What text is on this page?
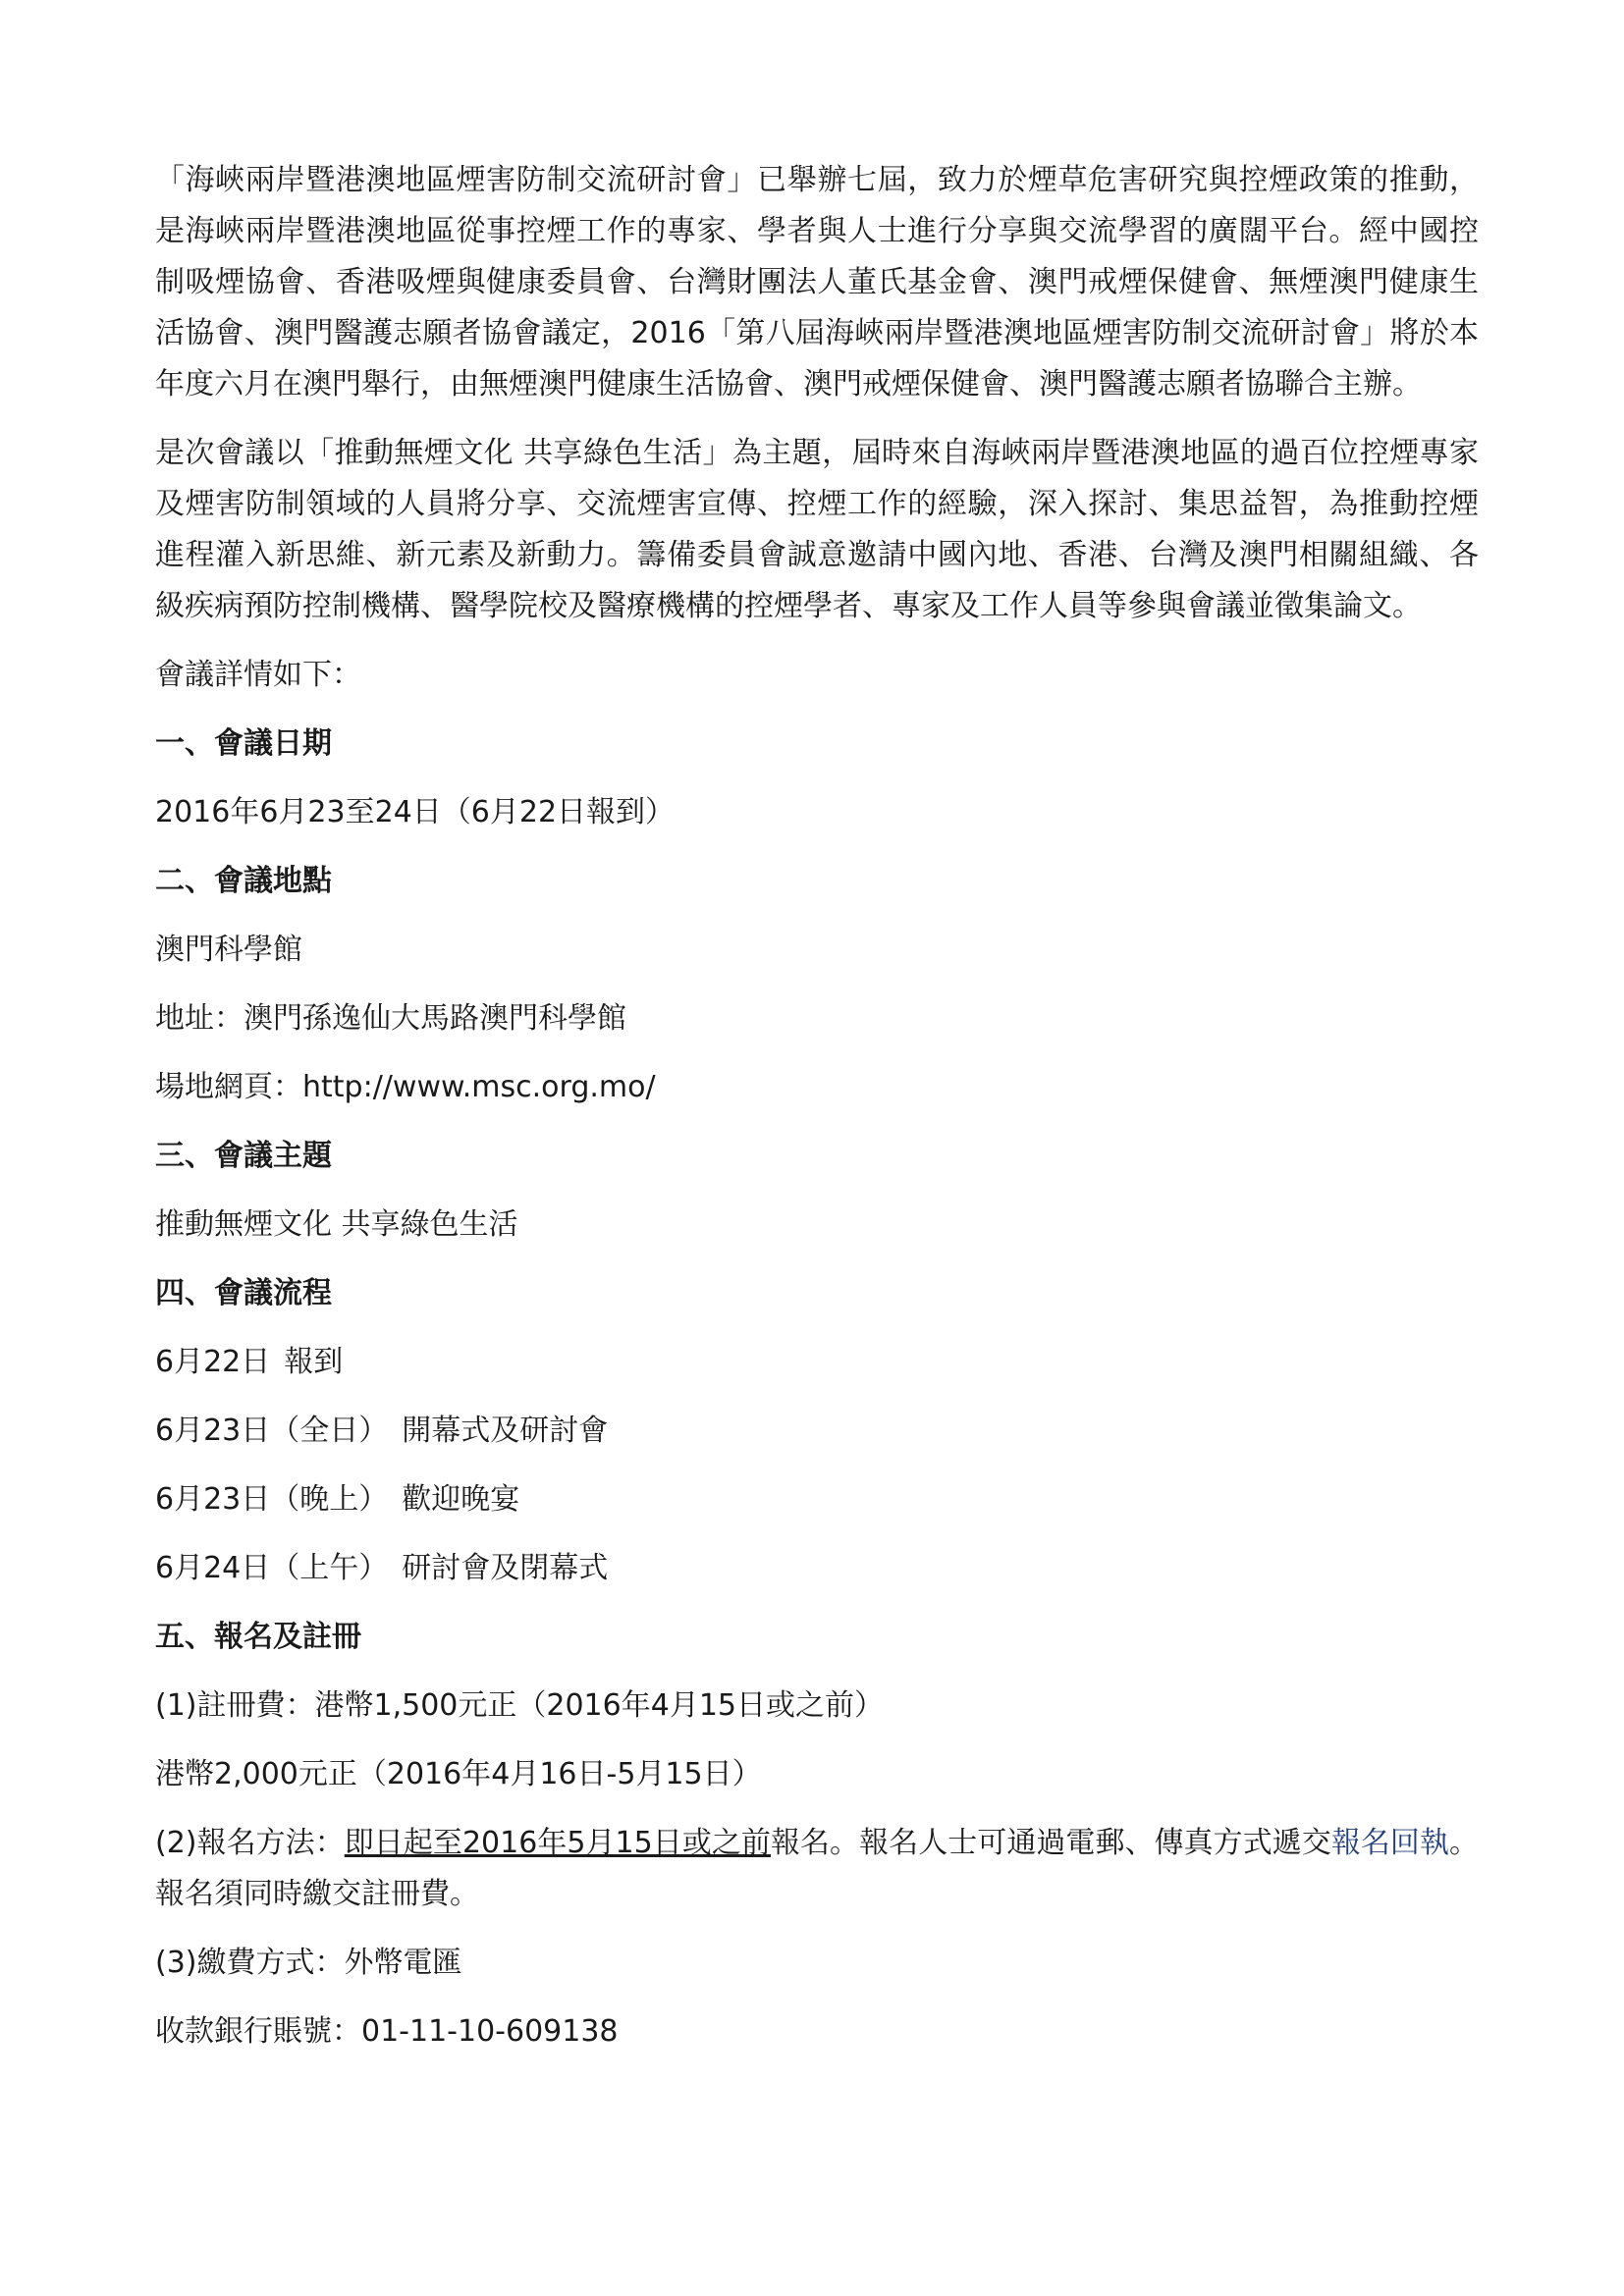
「海峽兩岸暨港澳地區煙害防制交流研討會」已舉辦七屆，致力於煙草危害研究與控煙政策的推動，是海峽兩岸暨港澳地區從事控煙工作的專家、學者與人士進行分享與交流學習的廣闊平台。經中國控制吸煙協會、香港吸煙與健康委員會、台灣財團法人董氏基金會、澳門戒煙保健會、無煙澳門健康生活協會、澳門醫護志願者協會議定，2016「第八屆海峽兩岸暨港澳地區煙害防制交流研討會」將於本年度六月在澳門舉行，由無煙澳門健康生活協會、澳門戒煙保健會、澳門醫護志願者協聯合主辦。

是次會議以「推動無煙文化 共享綠色生活」為主題，屆時來自海峽兩岸暨港澳地區的過百位控煙專家及煙害防制領域的人員將分享、交流煙害宣傳、控煙工作的經驗，深入探討、集思益智，為推動控煙進程灌入新思維、新元素及新動力。籌備委員會誠意邀請中國內地、香港、台灣及澳門相關組織、各級疾病預防控制機構、醫學院校及醫療機構的控煙學者、專家及工作人員等參與會議並徵集論文。

會議詳情如下：
一、會議日期
2016年6月23至24日（6月22日報到）
二、會議地點
澳門科學館
地址：澳門孫逸仙大馬路澳門科學館
場地網頁：http://www.msc.org.mo/
三、會議主題
推動無煙文化 共享綠色生活
四、會議流程
6月22日 報到
6月23日（全日） 開幕式及研討會
6月23日（晚上） 歡迎晚宴
6月24日（上午） 研討會及閉幕式
五、報名及註冊
(1)註冊費：港幣1,500元正（2016年4月15日或之前）
港幣2,000元正（2016年4月16日-5月15日）

(2)報名方法：即日起至2016年5月15日或之前報名。報名人士可通過電郵、傳真方式遞交報名回執。報名須同時繳交註冊費。

(3)繳費方式：外幣電匯
收款銀行賬號：01-11-10-609138
